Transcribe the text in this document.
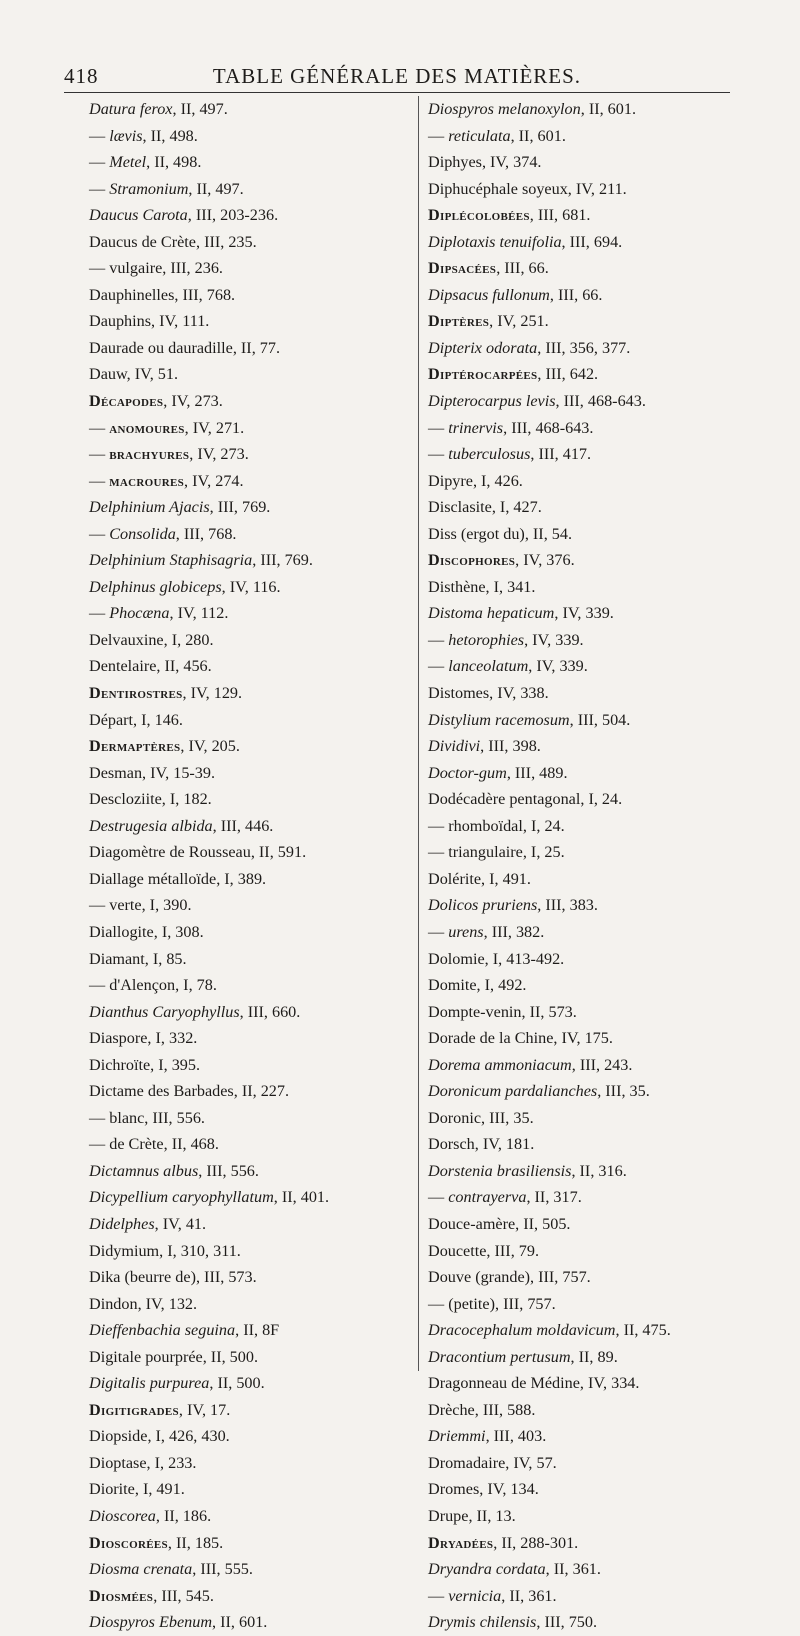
418	TABLE GÉNÉRALE DES MATIÈRES.
Datura ferox, II, 497.
— lævis, II, 498.
— Metel, II, 498.
— Stramonium, II, 497.
Daucus Carota, III, 203-236.
Daucus de Crète, III, 235.
— vulgaire, III, 236.
Dauphinelles, III, 768.
Dauphins, IV, 111.
Daurade ou dauradille, II, 77.
Dauw, IV, 51.
Décapodes, IV, 273.
— anomoures, IV, 271.
— brachyures, IV, 273.
— macroures, IV, 274.
Delphinium Ajacis, III, 769.
— Consolida, III, 768.
Delphinium Staphisagria, III, 769.
Delphinus globiceps, IV, 116.
— Phocæna, IV, 112.
Delvauxine, I, 280.
Dentelaire, II, 456.
Dentirostres, IV, 129.
Départ, I, 146.
Dermaptères, IV, 205.
Desman, IV, 15-39.
Descloziite, I, 182.
Destrugesia albida, III, 446.
Diagomètre de Rousseau, II, 591.
Diallage métalloïde, I, 389.
— verte, I, 390.
Diallogite, I, 308.
Diamant, I, 85.
— d'Alençon, I, 78.
Dianthus Caryophyllus, III, 660.
Diaspore, I, 332.
Dichroïte, I, 395.
Dictame des Barbades, II, 227.
— blanc, III, 556.
— de Crète, II, 468.
Dictamnus albus, III, 556.
Dicypellium caryophyllatum, II, 401.
Didelphes, IV, 41.
Didymium, I, 310, 311.
Dika (beurre de), III, 573.
Dindon, IV, 132.
Dieffenbachia seguina, II, 8F
Digitale pourprée, II, 500.
Digitalis purpurea, II, 500.
Digitigrades, IV, 17.
Diopside, I, 426, 430.
Dioptase, I, 233.
Diorite, I, 491.
Dioscorea, II, 186.
Dioscorées, II, 185.
Diosma crenata, III, 555.
Diosmées, III, 545.
Diospyros Ebenum, II, 601.
Diospyros melanoxylon, II, 601.
— reticulata, II, 601.
Diphyes, IV, 374.
Diphucéphale soyeux, IV, 211.
Diplécolobées, III, 681.
Diplotaxis tenuifolia, III, 694.
Dipsacées, III, 66.
Dipsacus fullonum, III, 66.
Diptères, IV, 251.
Dipterix odorata, III, 356, 377.
Diptérocarpées, III, 642.
Dipterocarpus levis, III, 468-643.
— trinervis, III, 468-643.
— tuberculosus, III, 417.
Dipyre, I, 426.
Disclasite, I, 427.
Diss (ergot du), II, 54.
Discophores, IV, 376.
Disthène, I, 341.
Distoma hepaticum, IV, 339.
— hetorophies, IV, 339.
— lanceolatum, IV, 339.
Distomes, IV, 338.
Distylium racemosum, III, 504.
Dividivi, III, 398.
Doctor-gum, III, 489.
Dodécadère pentagonal, I, 24.
— rhomboïdal, I, 24.
— triangulaire, I, 25.
Dolérite, I, 491.
Dolicos pruriens, III, 383.
— urens, III, 382.
Dolomie, I, 413-492.
Domite, I, 492.
Dompte-venin, II, 573.
Dorade de la Chine, IV, 175.
Dorema ammoniacum, III, 243.
Doronicum pardalianches, III, 35.
Doronic, III, 35.
Dorsch, IV, 181.
Dorstenia brasiliensis, II, 316.
— contrayerva, II, 317.
Douce-amère, II, 505.
Doucette, III, 79.
Douve (grande), III, 757.
— (petite), III, 757.
Dracocephalum moldavicum, II, 475.
Dracontium pertusum, II, 89.
Dragonneau de Médine, IV, 334.
Drèche, III, 588.
Driemmi, III, 403.
Dromadaire, IV, 57.
Dromes, IV, 134.
Drupe, II, 13.
Dryadées, II, 288-301.
Dryandra cordata, II, 361.
— vernicia, II, 361.
Drymis chilensis, III, 750.
